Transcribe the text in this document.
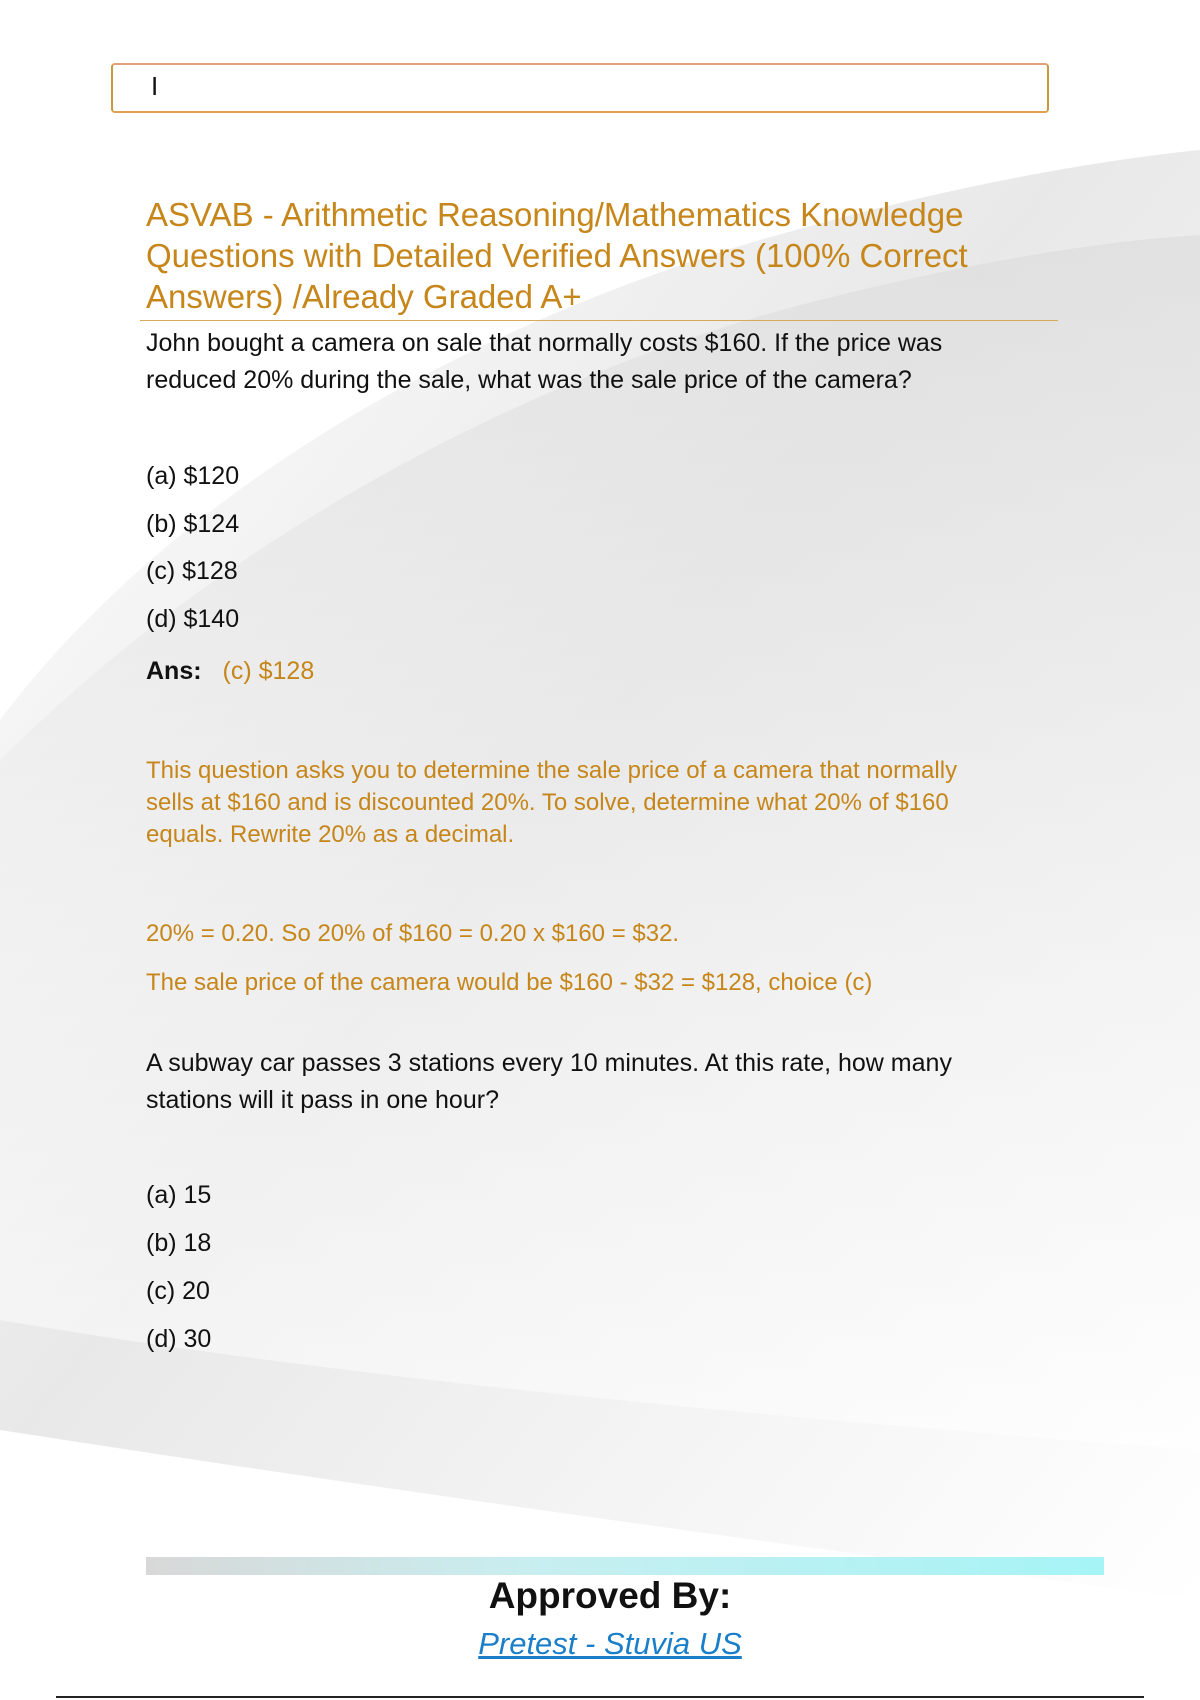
I
ASVAB - Arithmetic Reasoning/Mathematics Knowledge
Questions with Detailed Verified Answers (100% Correct
Answers) /Already Graded A+
John bought a camera on sale that normally costs $160. If the price was
reduced 20% during the sale, what was the sale price of the camera?
(a) $120
(b) $124
(c) $128
(d) $140
Ans: (c) $128
This question asks you to determine the sale price of a camera that normally
sells at $160 and is discounted 20%. To solve, determine what 20% of $160
equals. Rewrite 20% as a decimal.
20% = 0.20. So 20% of $160 = 0.20 x $160 = $32.
The sale price of the camera would be $160 - $32 = $128, choice (c)
A subway car passes 3 stations every 10 minutes. At this rate, how many
stations will it pass in one hour?
(a) 15
(b) 18
(c) 20
(d) 30
Approved By:
Pretest - Stuvia US
